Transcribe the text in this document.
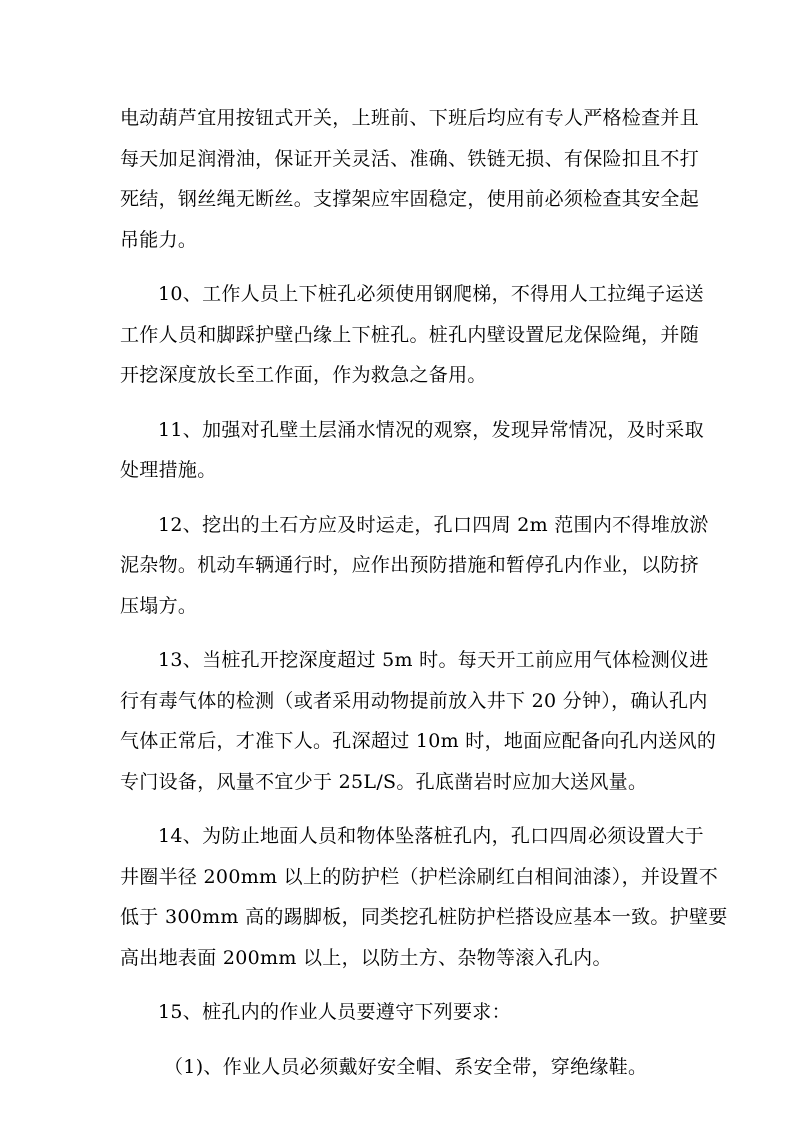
电动葫芦宜用按钮式开关，上班前、下班后均应有专人严格检查并且
每天加足润滑油，保证开关灵活、准确、铁链无损、有保险扣且不打
死结，钢丝绳无断丝。支撑架应牢固稳定，使用前必须检查其安全起
吊能力。
10、工作人员上下桩孔必须使用钢爬梯，不得用人工拉绳子运送
工作人员和脚踩护壁凸缘上下桩孔。桩孔内壁设置尼龙保险绳，并随
开挖深度放长至工作面，作为救急之备用。
11、加强对孔壁土层涌水情况的观察，发现异常情况，及时采取
处理措施。
12、挖出的土石方应及时运走，孔口四周 2m 范围内不得堆放淤
泥杂物。机动车辆通行时，应作出预防措施和暂停孔内作业，以防挤
压塌方。
13、当桩孔开挖深度超过 5m 时。每天开工前应用气体检测仪进
行有毒气体的检测（或者采用动物提前放入井下 20 分钟），确认孔内
气体正常后，才准下人。孔深超过 10m 时，地面应配备向孔内送风的
专门设备，风量不宜少于 25L/S。孔底凿岩时应加大送风量。
14、为防止地面人员和物体坠落桩孔内，孔口四周必须设置大于
井圈半径 200mm 以上的防护栏（护栏涂刷红白相间油漆），并设置不
低于 300mm 高的踢脚板，同类挖孔桩防护栏搭设应基本一致。护壁要
高出地表面 200mm 以上，以防土方、杂物等滚入孔内。
15、桩孔内的作业人员要遵守下列要求：
（1)、作业人员必须戴好安全帽、系安全带，穿绝缘鞋。
